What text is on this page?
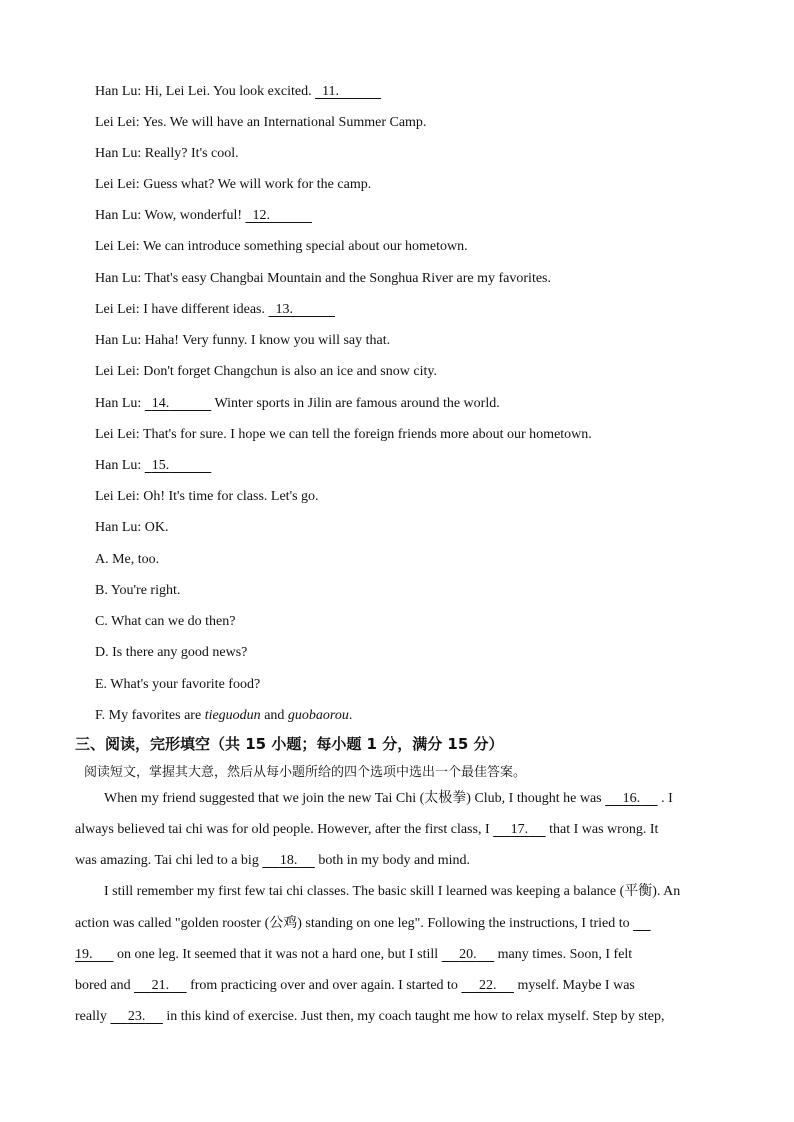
Han Lu: Hi, Lei Lei. You look excited.   11.
Lei Lei: Yes. We will have an International Summer Camp.
Han Lu: Really? It's cool.
Lei Lei: Guess what? We will work for the camp.
Han Lu: Wow, wonderful!   12.
Lei Lei: We can introduce something special about our hometown.
Han Lu: That's easy Changbai Mountain and the Songhua River are my favorites.
Lei Lei: I have different ideas.   13.
Han Lu: Haha! Very funny. I know you will say that.
Lei Lei: Don't forget Changchun is also an ice and snow city.
Han Lu: 14.	Winter sports in Jilin are famous around the world.
Lei Lei: That's for sure. I hope we can tell the foreign friends more about our hometown.
Han Lu: 15.
Lei Lei: Oh! It's time for class. Let's go.
Han Lu: OK.
A. Me, too.
B. You're right.
C. What can we do then?
D. Is there any good news?
E. What's your favorite food?
F. My favorites are tieguodun and guobaorou.
三、阅读，完形填空（共 15 小题；每小题 1 分，满分 15 分）
阅读短文，掌握其大意，然后从每小题所给的四个选项中选出一个最佳答案。
When my friend suggested that we join the new Tai Chi (太极拳) Club, I thought he was      16.      . I
always believed tai chi was for old people. However, after the first class, I      17.      that I was wrong. It
was amazing. Tai chi led to a big      18.      both in my body and mind.
I still remember my first few tai chi classes. The basic skill I learned was keeping a balance (平衡). An
action was called "golden rooster (公鸡) standing on one leg". Following the instructions, I tried to
19.       on one leg. It seemed that it was not a hard one, but I still      20.      many times. Soon, I felt
bored and      21.      from practicing over and over again. I started to      22.      myself. Maybe I was
really      23.      in this kind of exercise. Just then, my coach taught me how to relax myself. Step by step,
